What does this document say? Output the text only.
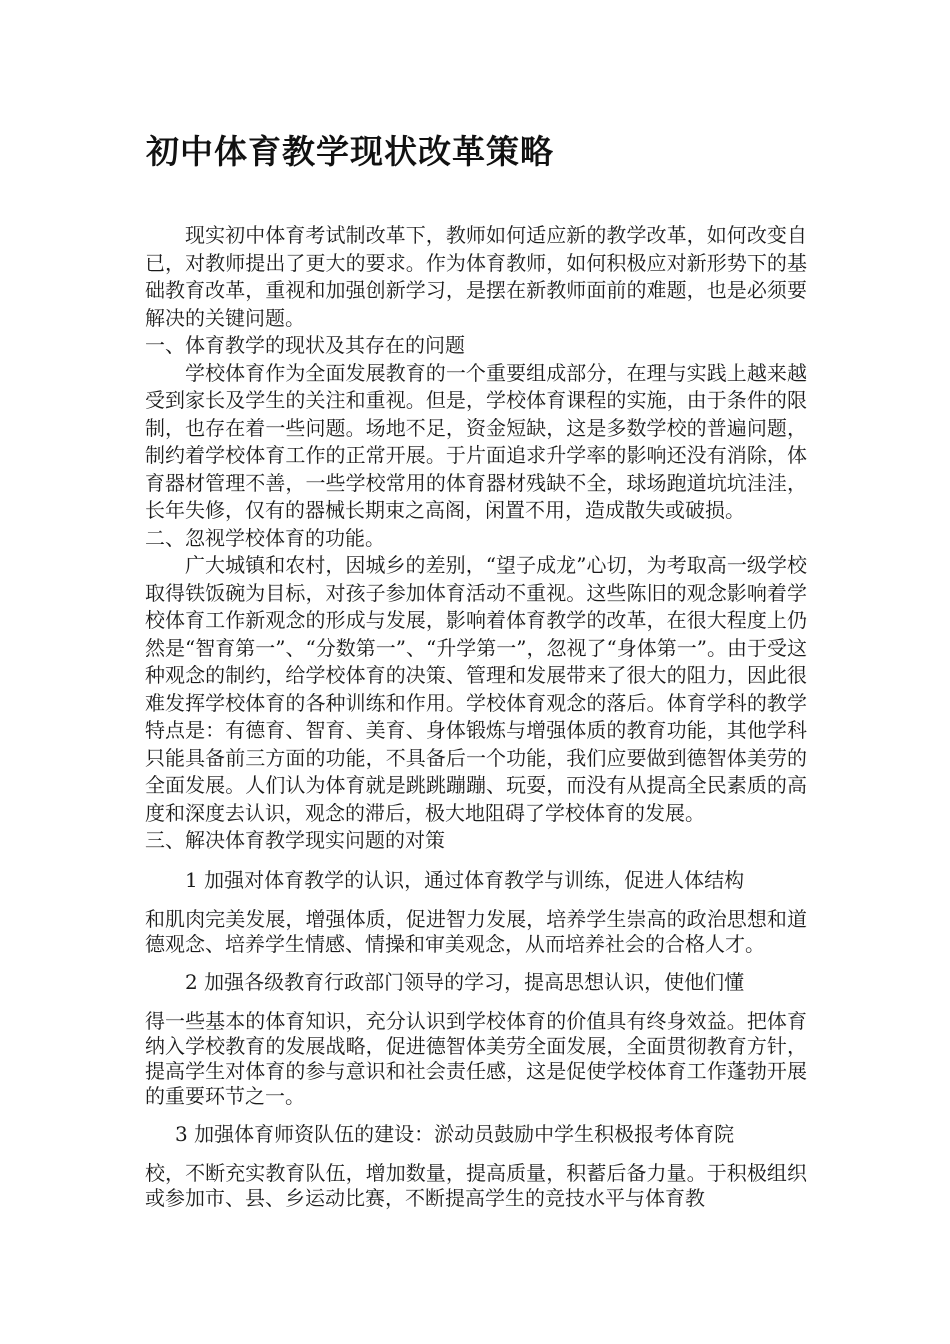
初中体育教学现状改革策略

现实初中体育考试制改革下，教师如何适应新的教学改革，如何改变自已，对教师提出了更大的要求。作为体育教师，如何积极应对新形势下的基础教育改革，重视和加强创新学习，是摆在新教师面前的难题，也是必须要解决的关键问题。

一、体育教学的现状及其存在的问题

学校体育作为全面发展教育的一个重要组成部分，在理与实践上越来越受到家长及学生的关注和重视。但是，学校体育课程的实施，由于条件的限制，也存在着一些问题。场地不足，资金短缺，这是多数学校的普遍问题，制约着学校体育工作的正常开展。于片面追求升学率的影响还没有消除，体育器材管理不善，一些学校常用的体育器材残缺不全，球场跑道坑坑洼洼，长年失修，仅有的器械长期束之高阁，闲置不用，造成散失或破损。

二、忽视学校体育的功能。

广大城镇和农村，因城乡的差别，“望子成龙”心切，为考取高一级学校取得铁饭碗为目标，对孩子参加体育活动不重视。这些陈旧的观念影响着学校体育工作新观念的形成与发展，影响着体育教学的改革，在很大程度上仍然是“智育第一”、“分数第一”、“升学第一”，忽视了“身体第一”。由于受这种观念的制约，给学校体育的决策、管理和发展带来了很大的阻力，因此很难发挥学校体育的各种训练和作用。学校体育观念的落后。体育学科的教学特点是：有德育、智育、美育、身体锻炼与增强体质的教育功能，其他学科只能具备前三方面的功能，不具备后一个功能，我们应要做到德智体美劳的全面发展。人们认为体育就是跳跳蹦蹦、玩耍，而没有从提高全民素质的高度和深度去认识，观念的滞后，极大地阻碍了学校体育的发展。

三、解决体育教学现实问题的对策

1 加强对体育教学的认识，通过体育教学与训练，促进人体结构
和肌肉完美发展，增强体质，促进智力发展，培养学生崇高的政治思想和道德观念、培养学生情感、情操和审美观念，从而培养社会的合格人才。

2 加强各级教育行政部门领导的学习，提高思想认识，使他们懂
得一些基本的体育知识，充分认识到学校体育的价值具有终身效益。把体育纳入学校教育的发展战略，促进德智体美劳全面发展，全面贯彻教育方针，提高学生对体育的参与意识和社会责任感，这是促使学校体育工作蓬勃开展的重要环节之一。

3 加强体育师资队伍的建设：淤动员鼓励中学生积极报考体育院
校，不断充实教育队伍，增加数量，提高质量，积蓄后备力量。于积极组织或参加市、县、乡运动比赛，不断提高学生的竞技水平与体育教
